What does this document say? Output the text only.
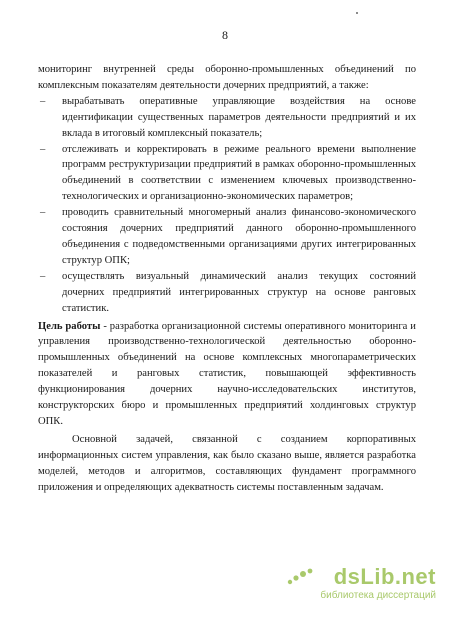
8

мониторинг внутренней среды оборонно-промышленных объединений по комплексным показателям деятельности дочерних предприятий, а также:

–	вырабатывать оперативные управляющие воздействия на основе идентификации существенных параметров деятельности предприятий и их вклада в итоговый комплексный показатель;
–	отслеживать и корректировать в режиме реального времени выполнение программ реструктуризации предприятий в рамках оборонно-промышленных объединений в соответствии с изменением ключевых производственно-технологических и организационно-экономических параметров;
–	проводить сравнительный многомерный анализ финансово-экономического состояния дочерних предприятий данного оборонно-промышленного объединения с подведомственными организациями других интегрированных структур ОПК;
–	осуществлять визуальный динамический анализ текущих состояний дочерних предприятий интегрированных структур на основе ранговых статистик.

Цель работы - разработка организационной системы оперативного мониторинга и управления производственно-технологической деятельностью оборонно-промышленных объединений на основе комплексных многопараметрических показателей и ранговых статистик, повышающей эффективность функционирования дочерних научно-исследовательских институтов, конструкторских бюро и промышленных предприятий холдинговых структур ОПК.

Основной задачей, связанной с созданием корпоративных информационных систем управления, как было сказано выше, является разработка моделей, методов и алгоритмов, составляющих фундамент программного приложения и определяющих адекватность системы поставленным задачам.

dsLib.net
библиотека диссертаций
